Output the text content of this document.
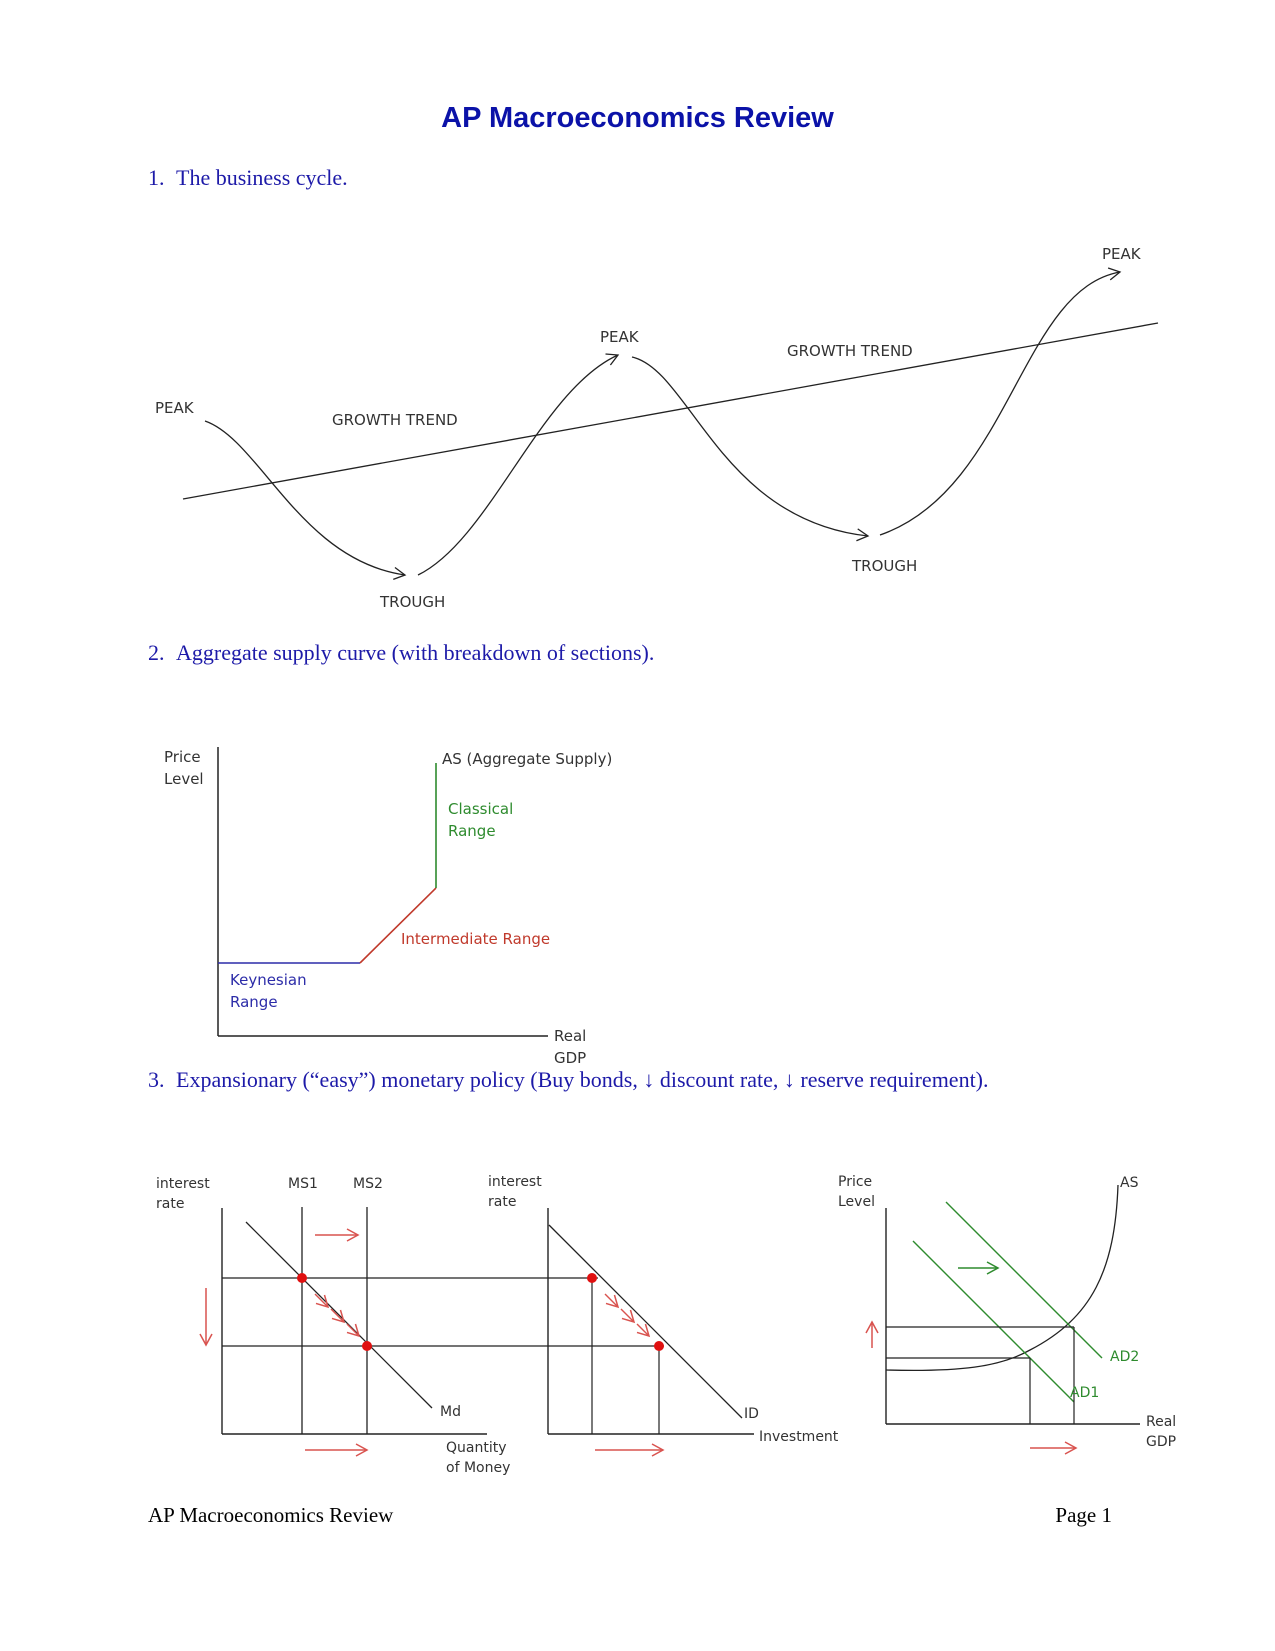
AP Macroeconomics Review

1. The business cycle.

2. Aggregate supply curve (with breakdown of sections).

3. Expansionary (“easy”) monetary policy (Buy bonds, ↓ discount rate, ↓ reserve requirement).

PEAK
TROUGH
PEAK
TROUGH
PEAK
GROWTH TREND
GROWTH TREND
Price
Level
AS (Aggregate Supply)
Classical
Range
Intermediate Range
Keynesian
Range
Real
GDP
interest
rate
MS1	MS2
Md
Quantity
of Money
interest
rate
ID
Investment
Price
Level
AS
AD2
AD1
Real
GDP

AP Macroeconomics Review	Page 1
